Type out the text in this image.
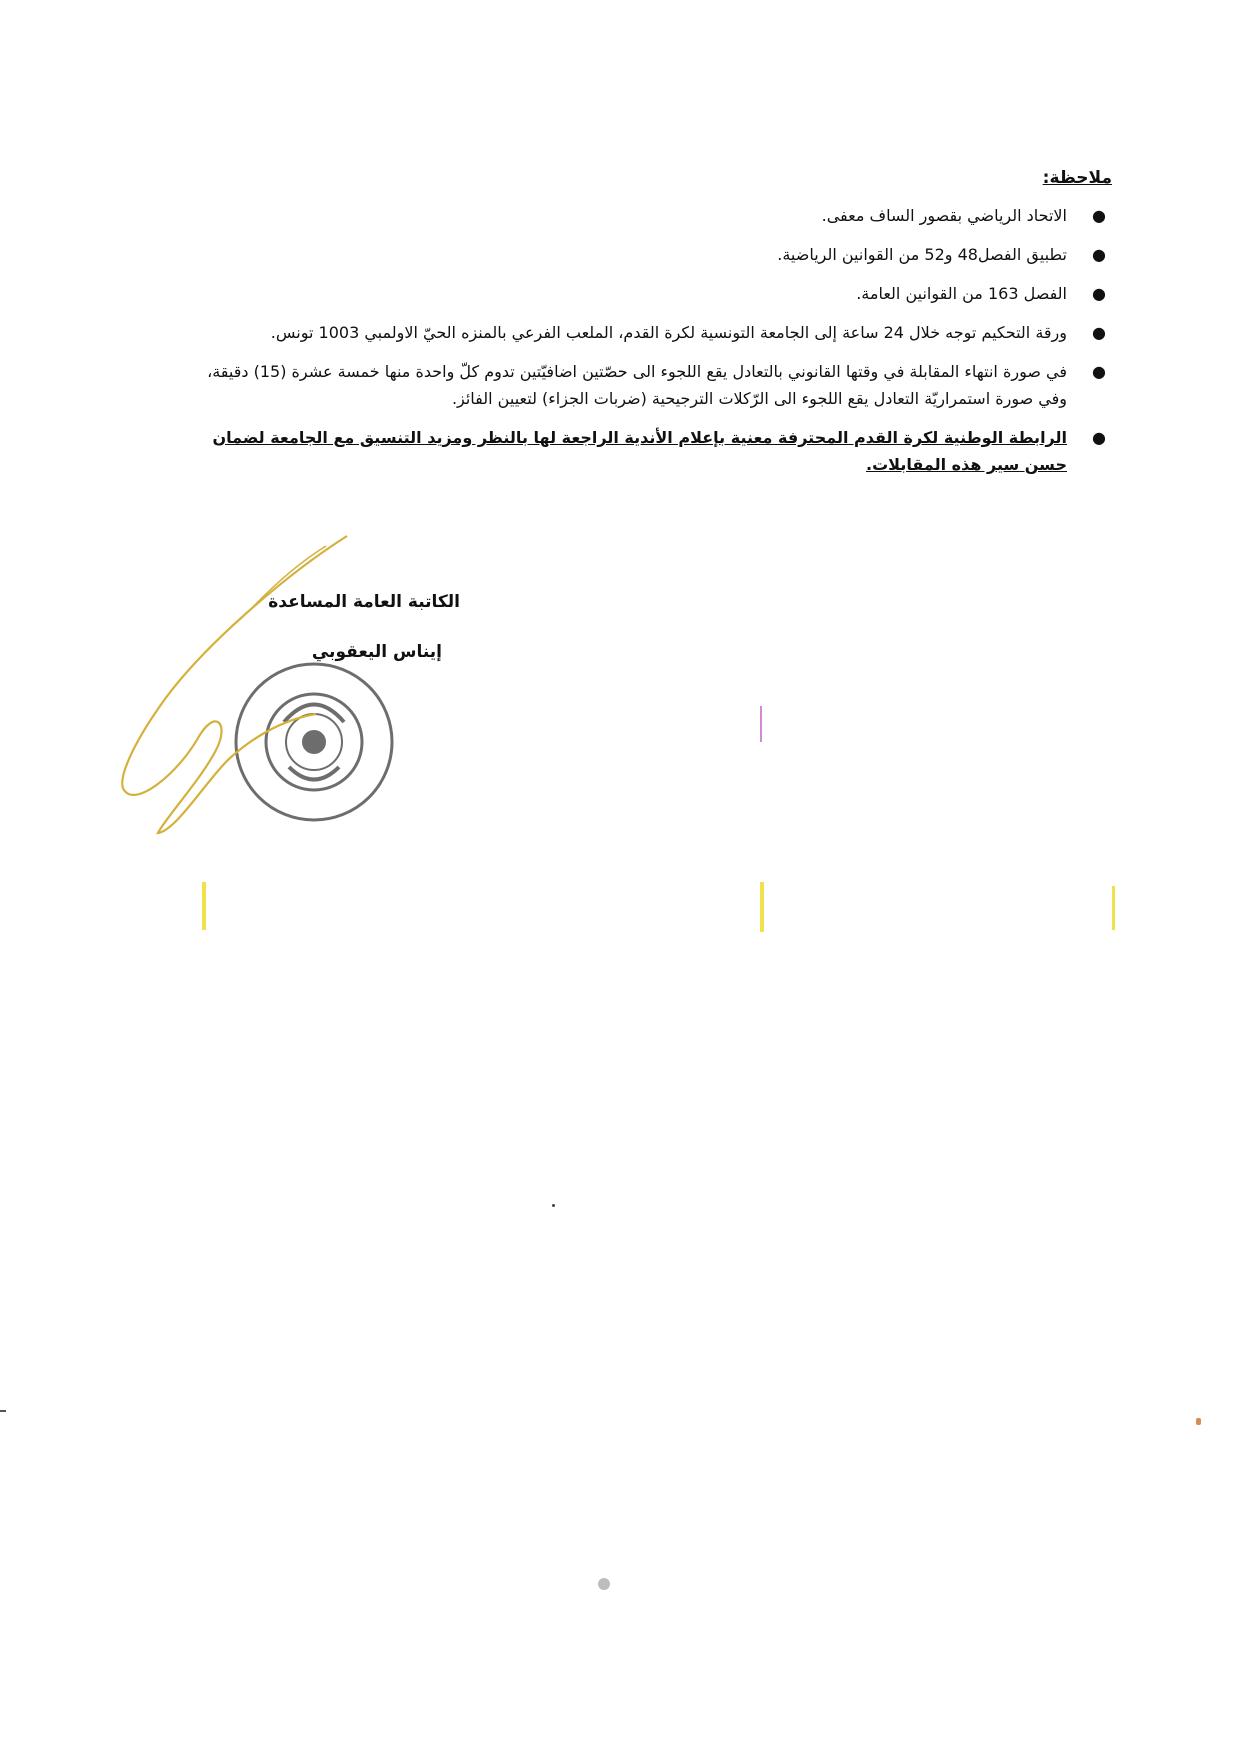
ملاحظة:
●
الاتحاد الرياضي بقصور الساف معفى.
●
تطبيق الفصل48 و52 من القوانين الرياضية.
●
الفصل 163 من القوانين العامة.
●
ورقة التحكيم توجه خلال 24 ساعة إلى الجامعة التونسية لكرة القدم، الملعب الفرعي بالمنزه الحيّ الاولمبي 1003 تونس.
●
في صورة انتهاء المقابلة في وقتها القانوني بالتعادل يقع اللجوء الى حصّتين اضافيّتين تدوم كلّ واحدة منها خمسة عشرة (15) دقيقة، وفي صورة استمراريّة التعادل يقع اللجوء الى الرّكلات الترجيحية (ضربات الجزاء) لتعيين الفائز.
●
الرابطة الوطنية لكرة القدم المحترفة معنية بإعلام الأندية الراجعة لها بالنظر ومزيد التنسيق مع الجامعة لضمان حسن سير هذه المقابلات.
الكاتبة العامة المساعدة
إيناس اليعقوبي
